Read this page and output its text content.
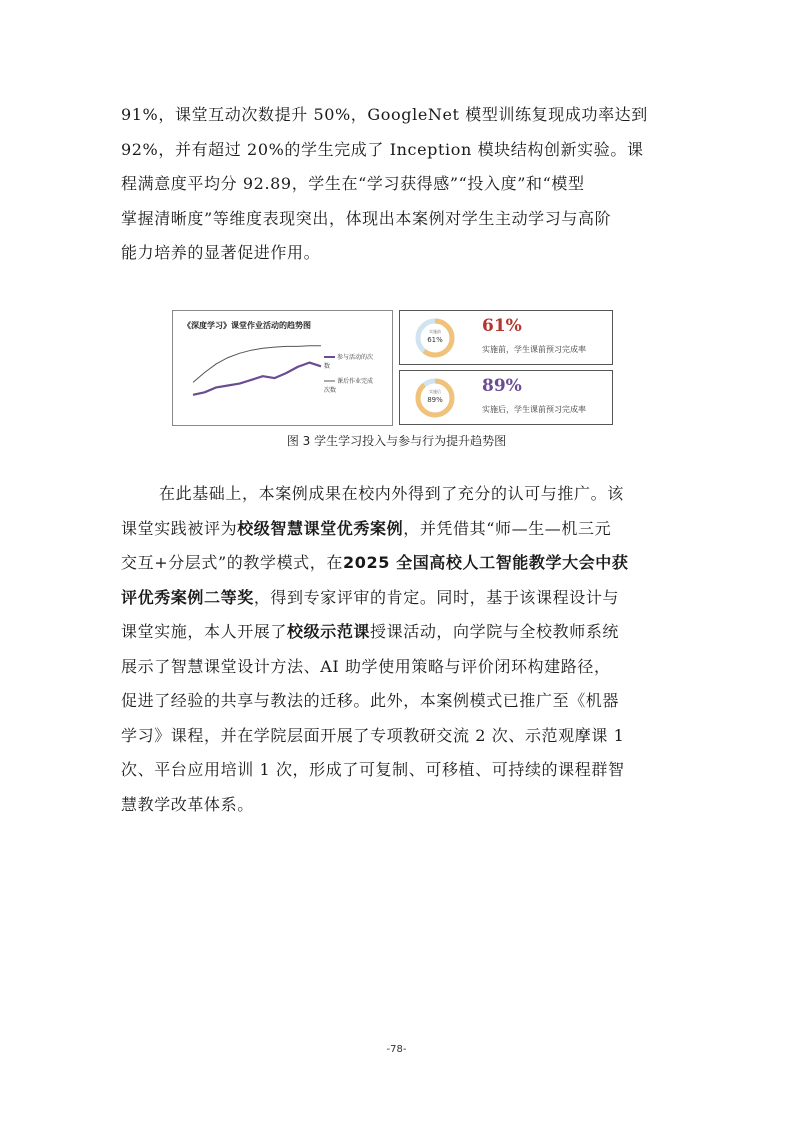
91%，课堂互动次数提升 50%，GoogleNet 模型训练复现成功率达到
92%，并有超过 20%的学生完成了 Inception 模块结构创新实验。课
程满意度平均分 92.89，学生在“学习获得感”“投入度”和“模型
掌握清晰度”等维度表现突出，体现出本案例对学生主动学习与高阶
能力培养的显著促进作用。
《深度学习》课堂作业活动的趋势图
参与活动的次
数
课后作业完成
次数
实施前
61%
61%
实施前，学生课前预习完成率
实施后
89%
89%
实施后，学生课前预习完成率
图 3 学生学习投入与参与行为提升趋势图
在此基础上，本案例成果在校内外得到了充分的认可与推广。该
课堂实践被评为校级智慧课堂优秀案例，并凭借其“师—生—机三元
交互+分层式”的教学模式，在2025 全国高校人工智能教学大会中获
评优秀案例二等奖，得到专家评审的肯定。同时，基于该课程设计与
课堂实施，本人开展了校级示范课授课活动，向学院与全校教师系统
展示了智慧课堂设计方法、AI 助学使用策略与评价闭环构建路径，
促进了经验的共享与教法的迁移。此外，本案例模式已推广至《机器
学习》课程，并在学院层面开展了专项教研交流 2 次、示范观摩课 1
次、平台应用培训 1 次，形成了可复制、可移植、可持续的课程群智
慧教学改革体系。
-78-
